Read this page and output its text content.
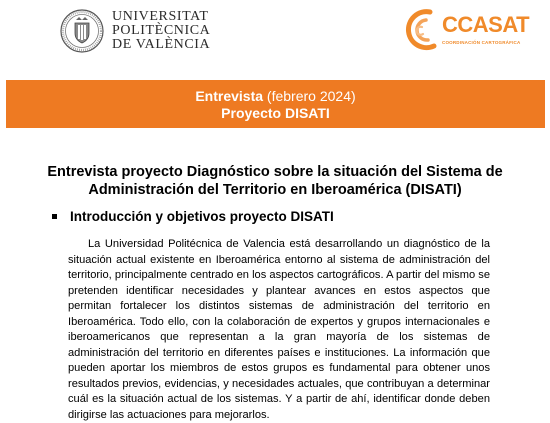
UNIVERSITAT
POLITÈCNICA
DE VALÈNCIA
CCASAT
COORDINACIÓN CARTOGRÁFICA
Entrevista (febrero 2024)
Proyecto DISATI
Entrevista proyecto Diagnóstico sobre la situación del Sistema de Administración del Territorio en Iberoamérica (DISATI)
Introducción y objetivos proyecto DISATI

La Universidad Politécnica de Valencia está desarrollando un diagnóstico de la situación actual existente en Iberoamérica entorno al sistema de administración del territorio, principalmente centrado en los aspectos cartográficos. A partir del mismo se pretenden identificar necesidades y plantear avances en estos aspectos que permitan fortalecer los distintos sistemas de administración del territorio en Iberoamérica. Todo ello, con la colaboración de expertos y grupos internacionales e iberoamericanos que representan a la gran mayoría de los sistemas de administración del territorio en diferentes países e instituciones. La información que pueden aportar los miembros de estos grupos es fundamental para obtener unos resultados previos, evidencias, y necesidades actuales, que contribuyan a determinar cuál es la situación actual de los sistemas. Y a partir de ahí, identificar donde deben dirigirse las actuaciones para mejorarlos.
